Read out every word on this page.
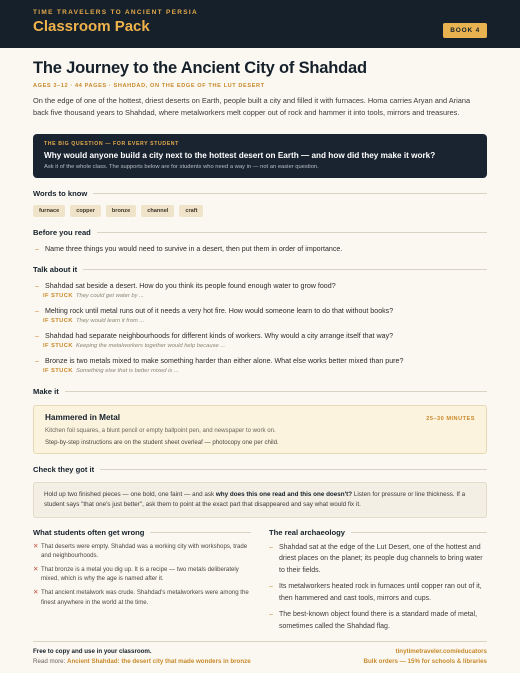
TIME TRAVELERS TO ANCIENT PERSIA
Classroom Pack	BOOK 4
The Journey to the Ancient City of Shahdad
AGES 3–12 · 44 PAGES · SHAHDAD, ON THE EDGE OF THE LUT DESERT

On the edge of one of the hottest, driest deserts on Earth, people built a city and filled it with furnaces. Homa carries Aryan and Ariana back five thousand years to Shahdad, where metalworkers melt copper out of rock and hammer it into tools, mirrors and treasures.

THE BIG QUESTION — FOR EVERY STUDENT
Why would anyone build a city next to the hottest desert on Earth — and how did they make it work?
Ask it of the whole class. The supports below are for students who need a way in — not an easier question.
Words to know
furnace	copper	bronze	channel	craft
Before you read
– Name three things you would need to survive in a desert, then put them in order of importance.
Talk about it
– Shahdad sat beside a desert. How do you think its people found enough water to grow food?
IF STUCK They could get water by ...
– Melting rock until metal runs out of it needs a very hot fire. How would someone learn to do that without books?
IF STUCK They would learn it from ...
– Shahdad had separate neighbourhoods for different kinds of workers. Why would a city arrange itself that way?
IF STUCK Keeping the metalworkers together would help because ...
– Bronze is two metals mixed to make something harder than either alone. What else works better mixed than pure?
IF STUCK Something else that is better mixed is ...
Make it
Hammered in Metal	25–30 MINUTES
Kitchen foil squares, a blunt pencil or empty ballpoint pen, and newspaper to work on.
Step-by-step instructions are on the student sheet overleaf — photocopy one per child.
Check they got it
Hold up two finished pieces — one bold, one faint — and ask why does this one read and this one doesn't? Listen for pressure or line thickness. If a student says "that one's just better", ask them to point at the exact part that disappeared and say what would fix it.
What students often get wrong
✕ That deserts were empty. Shahdad was a working city with workshops, trade and neighbourhoods.
✕ That bronze is a metal you dig up. It is a recipe — two metals deliberately mixed, which is why the age is named after it.
✕ That ancient metalwork was crude. Shahdad's metalworkers were among the finest anywhere in the world at the time.
The real archaeology
– Shahdad sat at the edge of the Lut Desert, one of the hottest and driest places on the planet; its people dug channels to bring water to their fields.
– Its metalworkers heated rock in furnaces until copper ran out of it, then hammered and cast tools, mirrors and cups.
– The best-known object found there is a standard made of metal, sometimes called the Shahdad flag.
Free to copy and use in your classroom.
Read more: Ancient Shahdad: the desert city that made wonders in bronze
tinytimetraveler.com/educators
Bulk orders — 15% for schools & libraries
